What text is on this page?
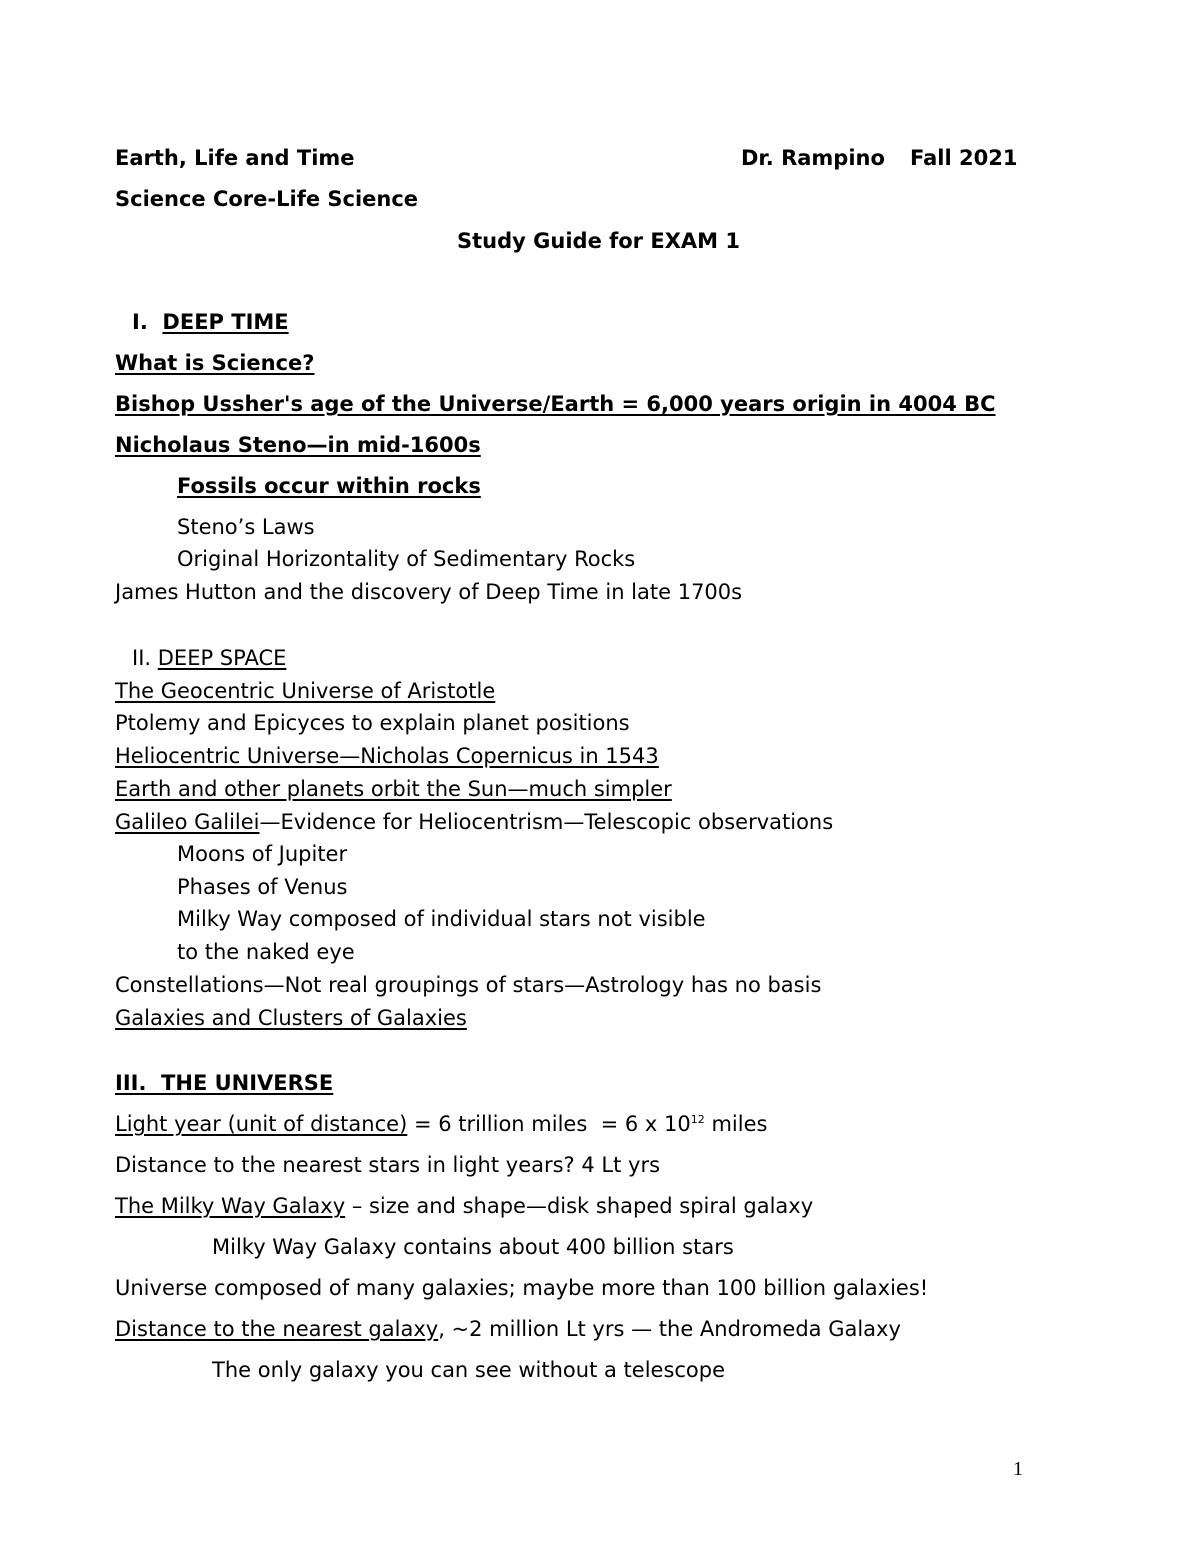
Earth, Life and Time	Dr. Rampino Fall 2021
Science Core-Life Science
Study Guide for EXAM 1
I. DEEP TIME
What is Science?
Bishop Ussher's age of the Universe/Earth = 6,000 years origin in 4004 BC
Nicholaus Steno—in mid-1600s
Fossils occur within rocks
Steno’s Laws
Original Horizontality of Sedimentary Rocks
James Hutton and the discovery of Deep Time in late 1700s
II. DEEP SPACE
The Geocentric Universe of Aristotle
Ptolemy and Epicyces to explain planet positions
Heliocentric Universe—Nicholas Copernicus in 1543
Earth and other planets orbit the Sun—much simpler
Galileo Galilei—Evidence for Heliocentrism—Telescopic observations
Moons of Jupiter
Phases of Venus
Milky Way composed of individual stars not visible
to the naked eye
Constellations—Not real groupings of stars—Astrology has no basis
Galaxies and Clusters of Galaxies
III.  THE UNIVERSE
Light year (unit of distance) = 6 trillion miles  = 6 x $10^{12}$ miles
Distance to the nearest stars in light years? 4 Lt yrs
The Milky Way Galaxy – size and shape—disk shaped spiral galaxy
Milky Way Galaxy contains about 400 billion stars
Universe composed of many galaxies; maybe more than 100 billion galaxies!
Distance to the nearest galaxy, ~2 million Lt yrs — the Andromeda Galaxy
The only galaxy you can see without a telescope
1
